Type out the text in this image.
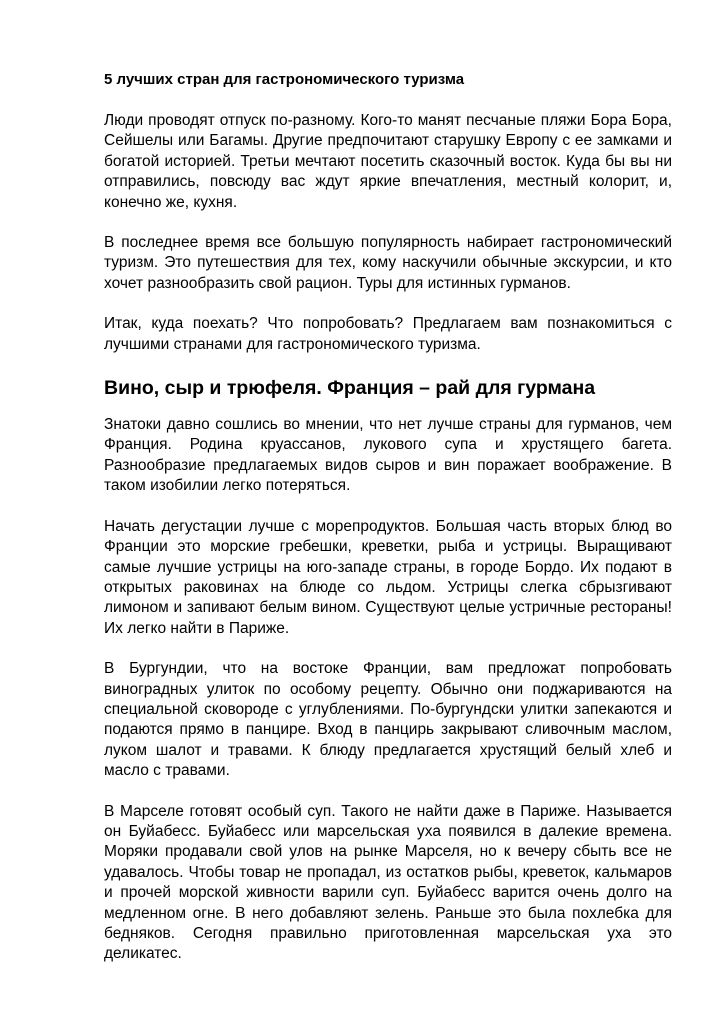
5 лучших стран для гастрономического туризма

Люди проводят отпуск по-разному. Кого-то манят песчаные пляжи Бора Бора, Сейшелы или Багамы. Другие предпочитают старушку Европу с ее замками и богатой историей. Третьи мечтают посетить сказочный восток. Куда бы вы ни отправились, повсюду вас ждут яркие впечатления, местный колорит, и, конечно же, кухня.

В последнее время все большую популярность набирает гастрономический туризм. Это путешествия для тех, кому наскучили обычные экскурсии, и кто хочет разнообразить свой рацион. Туры для истинных гурманов.

Итак, куда поехать? Что попробовать? Предлагаем вам познакомиться с лучшими странами для гастрономического туризма.

Вино, сыр и трюфеля. Франция – рай для гурмана

Знатоки давно сошлись во мнении, что нет лучше страны для гурманов, чем Франция. Родина круассанов, лукового супа и хрустящего багета. Разнообразие предлагаемых видов сыров и вин поражает воображение. В таком изобилии легко потеряться.

Начать дегустации лучше с морепродуктов. Большая часть вторых блюд во Франции это морские гребешки, креветки, рыба и устрицы. Выращивают самые лучшие устрицы на юго-западе страны, в городе Бордо. Их подают в открытых раковинах на блюде со льдом. Устрицы слегка сбрызгивают лимоном и запивают белым вином. Существуют целые устричные рестораны! Их легко найти в Париже.

В Бургундии, что на востоке Франции, вам предложат попробовать виноградных улиток по особому рецепту. Обычно они поджариваются на специальной сковороде с углублениями. По-бургундски улитки запекаются и подаются прямо в панцире. Вход в панцирь закрывают сливочным маслом, луком шалот и травами. К блюду предлагается хрустящий белый хлеб и масло с травами.

В Марселе готовят особый суп. Такого не найти даже в Париже. Называется он Буйабесс. Буйабесс или марсельская уха появился в далекие времена. Моряки продавали свой улов на рынке Марселя, но к вечеру сбыть все не удавалось. Чтобы товар не пропадал, из остатков рыбы, креветок, кальмаров и прочей морской живности варили суп. Буйабесс варится очень долго на медленном огне. В него добавляют зелень. Раньше это была похлебка для бедняков. Сегодня правильно приготовленная марсельская уха это деликатес.
